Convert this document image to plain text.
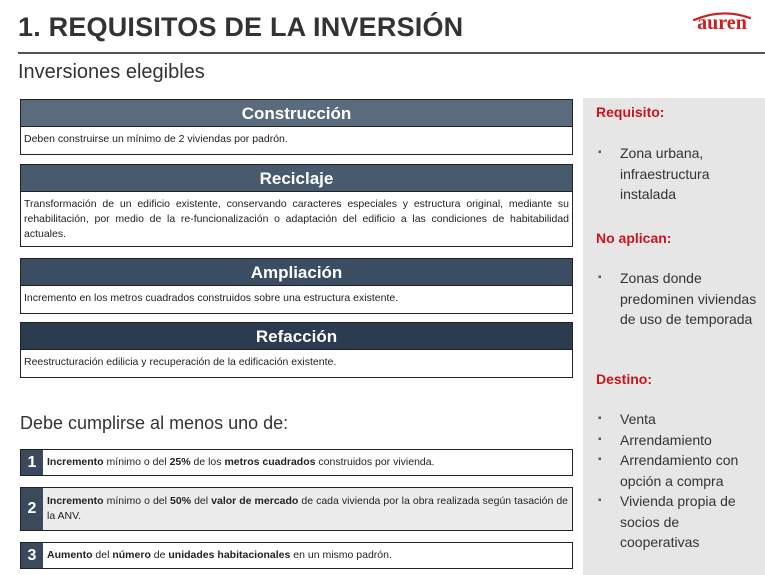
1. REQUISITOS DE LA INVERSIÓN	auren
Inversiones elegibles
Construcción
Deben construirse un mínimo de 2 viviendas por padrón.
Reciclaje
Transformación de un edificio existente, conservando caracteres especiales y estructura original, mediante su rehabilitación, por medio de la re-funcionalización o adaptación del edificio a las condiciones de habitabilidad actuales.
Ampliación
Incremento en los metros cuadrados construidos sobre una estructura existente.
Refacción
Reestructuración edilicia y recuperación de la edificación existente.
Debe cumplirse al menos uno de:
1	Incremento mínimo o del 25% de los metros cuadrados construidos por vivienda.
2	Incremento mínimo o del 50% del valor de mercado de cada vivienda por la obra realizada según tasación de la ANV.
3	Aumento del número de unidades habitacionales en un mismo padrón.
Requisito:
▪ Zona urbana, infraestructura instalada
No aplican:
▪ Zonas donde predominen viviendas de uso de temporada
Destino:
▪ Venta
▪ Arrendamiento
▪ Arrendamiento con opción a compra
▪ Vivienda propia de socios de cooperativas
